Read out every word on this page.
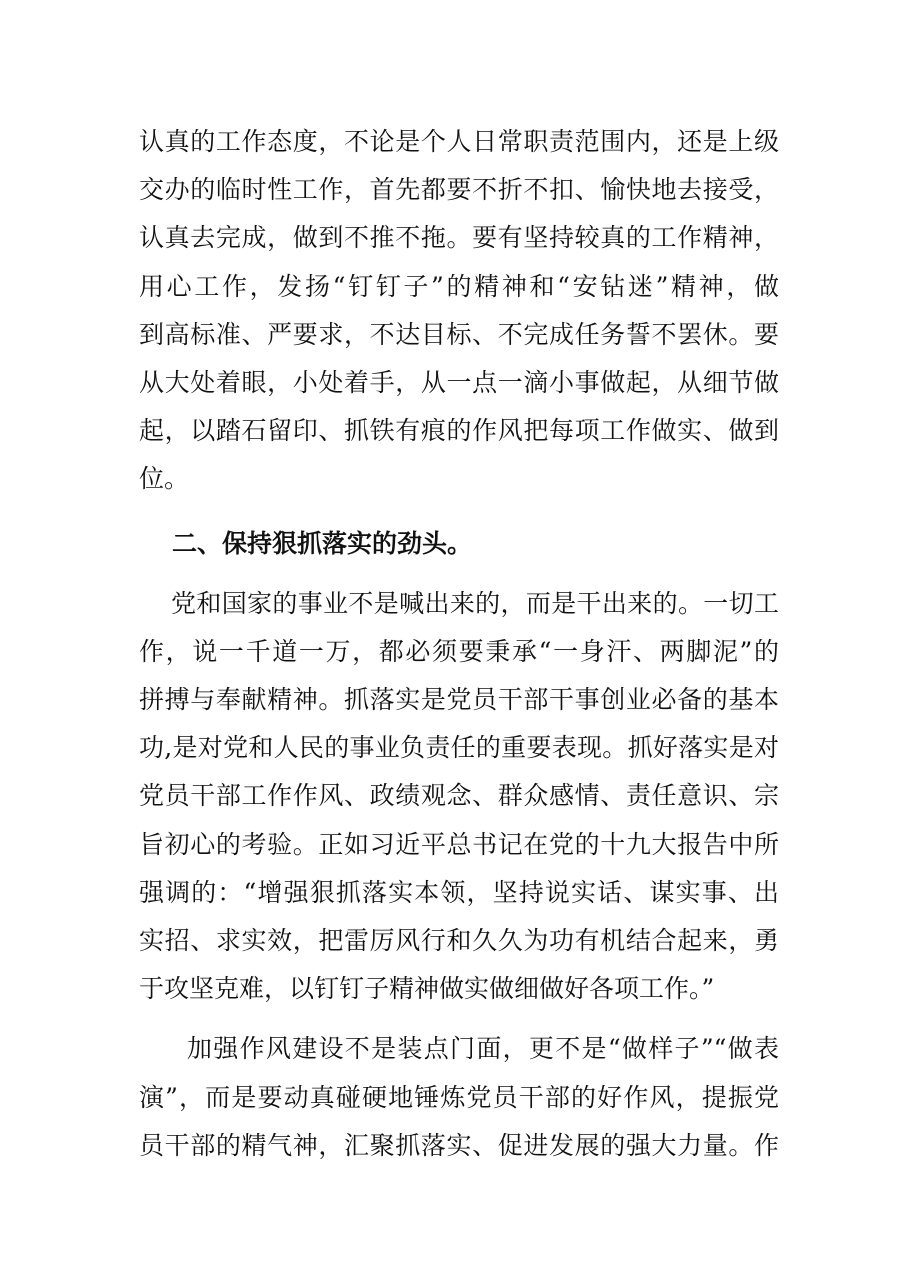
认真的工作态度，不论是个人日常职责范围内，还是上级
交办的临时性工作，首先都要不折不扣、愉快地去接受，
认真去完成，做到不推不拖。要有坚持较真的工作精神，
用心工作，发扬“钉钉子”的精神和“安钻迷”精神，做
到高标准、严要求，不达目标、不完成任务誓不罢休。要
从大处着眼，小处着手，从一点一滴小事做起，从细节做
起，以踏石留印、抓铁有痕的作风把每项工作做实、做到
位。
二、保持狠抓落实的劲头。
党和国家的事业不是喊出来的，而是干出来的。一切工
作，说一千道一万，都必须要秉承“一身汗、两脚泥”的
拼搏与奉献精神。抓落实是党员干部干事创业必备的基本
功,是对党和人民的事业负责任的重要表现。抓好落实是对
党员干部工作作风、政绩观念、群众感情、责任意识、宗
旨初心的考验。正如习近平总书记在党的十九大报告中所
强调的：“增强狠抓落实本领，坚持说实话、谋实事、出
实招、求实效，把雷厉风行和久久为功有机结合起来，勇
于攻坚克难，以钉钉子精神做实做细做好各项工作。”
加强作风建设不是装点门面，更不是“做样子”“做表
演”，而是要动真碰硬地锤炼党员干部的好作风，提振党
员干部的精气神，汇聚抓落实、促进发展的强大力量。作
